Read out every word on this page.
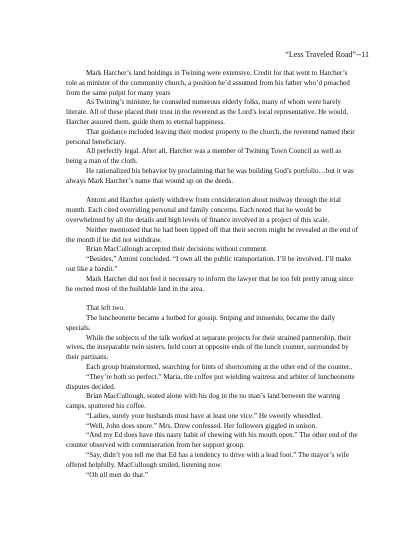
“Less Traveled Road”--11

Mark Harcher’s land holdings in Twining were extensive. Credit for that went to Harcher’s role as minister of the community church, a position he’d assumed from his father who’d preached from the same pulpit for many years

As Twining’s minister, he counseled numerous elderly folks, many of whom were barely literate. All of these placed their trust in the reverend as the Lord’s local representative. He would, Harcher assured them, guide them to eternal happiness.

That guidance included leaving their modest property to the church, the reverend named their personal beneficiary.

All perfectly legal. After all, Harcher was a member of Twining Town Council as well as being a man of the cloth.

He rationalized his behavior by proclaiming that he was building God’s portfolio…but it was always Mark Harcher’s name that wound up on the deeds.

Antoni and Harcher quietly withdrew from consideration about midway through the trial month. Each cited overriding personal and family concerns. Each noted that he would be overwhelmed by all the details and high levels of finance involved in a project of this scale.

Neither mentioned that he had been tipped off that their secrets might be revealed at the end of the month if he did not withdraw.

Brian MacCullough accepted their decisions without comment.

“Besides,” Antoni concluded. “I own all the public transportation. I’ll be involved. I’ll make out like a bandit.”

Mark Harcher did not feel it necessary to inform the lawyer that he too felt pretty smug since he owned most of the buildable land in the area.

That left two.

The luncheonette became a hotbed for gossip. Sniping and innuendo, became the daily specials.

While the subjects of the talk worked at separate projects for their strained partnership, their wives, the inseparable twin sisters, held court at opposite ends of the lunch counter, surrounded by their partisans.

Each group brainstormed, searching for hints of shortcoming at the other end of the counter..

“They’re both so perfect.” Maria, the coffee pot wielding waitress and arbiter of luncheonette disputes decided.

Brian MacCullough, seated alone with his dog in the no man’s land between the warring camps, sputtered his coffee.

“Ladies, surely your husbands must have at least one vice.” He sweetly wheedled.

“Well, John does snore.” Mrs. Drew confessed. Her followers giggled in unison.

“And my Ed does have this nasty habit of chewing with his mouth open.” The other end of the counter observed with commiseration from her support group.

“Say, didn’t you tell me that Ed has a tendency to drive with a lead foot.” The mayor’s wife offered helpfully. MacCullough smiled, listening now.

“Oh all men do that.”
